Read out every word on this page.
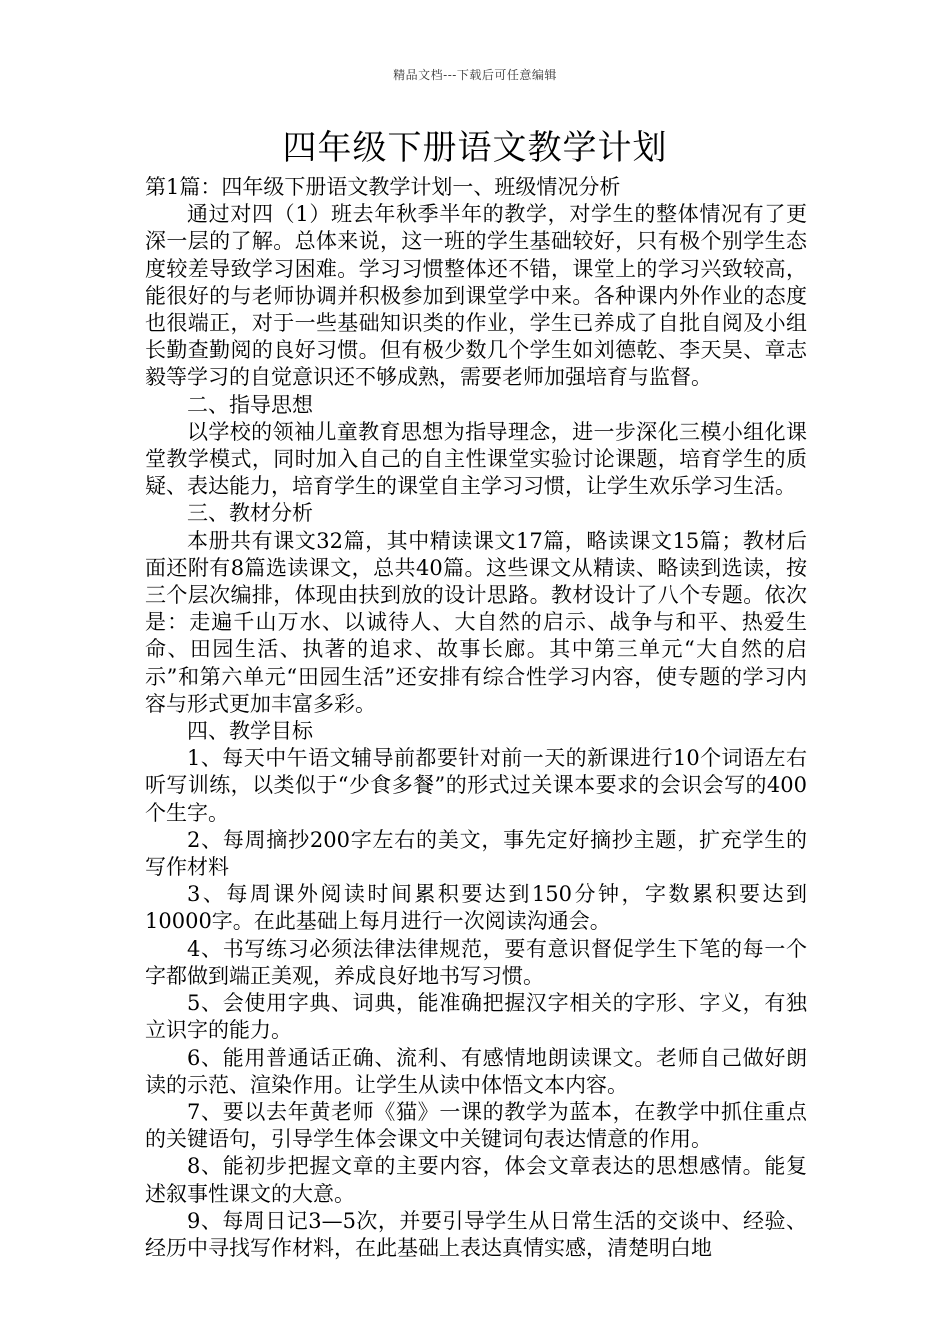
精品文档---下载后可任意编辑
四年级下册语文教学计划

第1篇：四年级下册语文教学计划一、班级情况分析

通过对四（1）班去年秋季半年的教学，对学生的整体情况有了更深一层的了解。总体来说，这一班的学生基础较好，只有极个别学生态度较差导致学习困难。学习习惯整体还不错，课堂上的学习兴致较高，能很好的与老师协调并积极参加到课堂学中来。各种课内外作业的态度也很端正，对于一些基础知识类的作业，学生已养成了自批自阅及小组长勤查勤阅的良好习惯。但有极少数几个学生如刘德乾、李天昊、章志毅等学习的自觉意识还不够成熟，需要老师加强培育与监督。

二、指导思想

以学校的领袖儿童教育思想为指导理念，进一步深化三模小组化课堂教学模式，同时加入自己的自主性课堂实验讨论课题，培育学生的质疑、表达能力，培育学生的课堂自主学习习惯，让学生欢乐学习生活。

三、教材分析

本册共有课文32篇，其中精读课文17篇，略读课文15篇；教材后面还附有8篇选读课文，总共40篇。这些课文从精读、略读到选读，按三个层次编排，体现由扶到放的设计思路。教材设计了八个专题。依次是：走遍千山万水、以诚待人、大自然的启示、战争与和平、热爱生命、田园生活、执著的追求、故事长廊。其中第三单元“大自然的启示”和第六单元“田园生活”还安排有综合性学习内容，使专题的学习内容与形式更加丰富多彩。

四、教学目标

1、每天中午语文辅导前都要针对前一天的新课进行10个词语左右听写训练，以类似于“少食多餐”的形式过关课本要求的会识会写的400个生字。

2、每周摘抄200字左右的美文，事先定好摘抄主题，扩充学生的写作材料

3、每周课外阅读时间累积要达到150分钟，字数累积要达到10000字。在此基础上每月进行一次阅读沟通会。

4、书写练习必须法律法律规范，要有意识督促学生下笔的每一个字都做到端正美观，养成良好地书写习惯。

5、会使用字典、词典，能准确把握汉字相关的字形、字义，有独立识字的能力。

6、能用普通话正确、流利、有感情地朗读课文。老师自己做好朗读的示范、渲染作用。让学生从读中体悟文本内容。

7、要以去年黄老师《猫》一课的教学为蓝本，在教学中抓住重点的关键语句，引导学生体会课文中关键词句表达情意的作用。

8、能初步把握文章的主要内容，体会文章表达的思想感情。能复述叙事性课文的大意。

9、每周日记3—5次，并要引导学生从日常生活的交谈中、经验、经历中寻找写作材料，在此基础上表达真情实感，清楚明白地
